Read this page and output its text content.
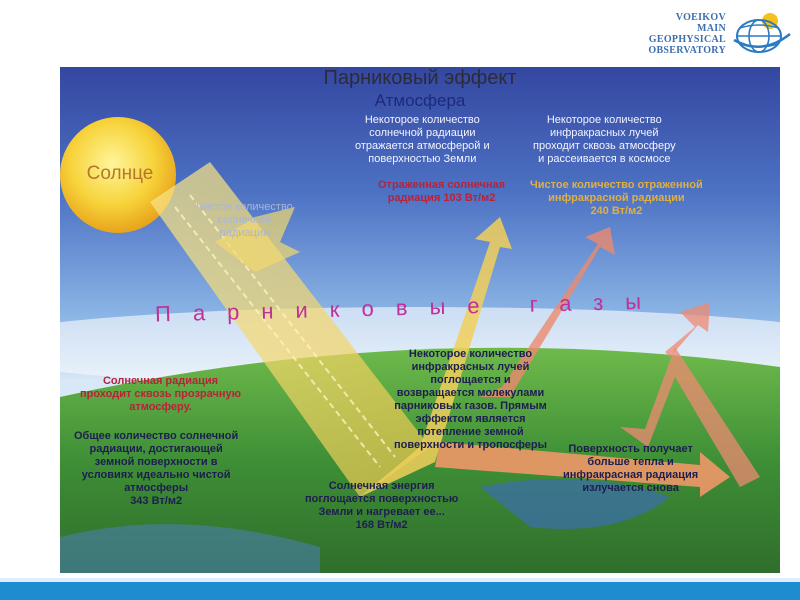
VOEIKOV
MAIN
GEOPHYSICAL
OBSERVATORY
Парниковый эффект
Атмосфера
Солнце
Чистое количество
солнечной
радиации
Некоторое количество
солнечной радиации
отражается атмосферой и
поверхностью Земли
Отраженная солнечная
радиация 103 Вт/м2
Некоторое количество
инфракрасных лучей
проходит сквозь атмосферу
и рассеивается в космосе
Чистое количество отраженной
инфракрасной радиации
240 Вт/м2
Парниковые газы
Некоторое количество
инфракрасных лучей
поглощается и
возвращается молекулами
парниковых газов. Прямым
эффектом является
потепление земной
поверхности и тропосферы
Солнечная радиация
проходит сквозь прозрачную
атмосферу.
Общее количество солнечной
радиации, достигающей
земной поверхности в
условиях идеально чистой
атмосферы
343 Вт/м2
Солнечная энергия
поглощается поверхностью
Земли и нагревает ее...
168 Вт/м2
Поверхность получает
больше тепла и
инфракрасная радиация
излучается снова
